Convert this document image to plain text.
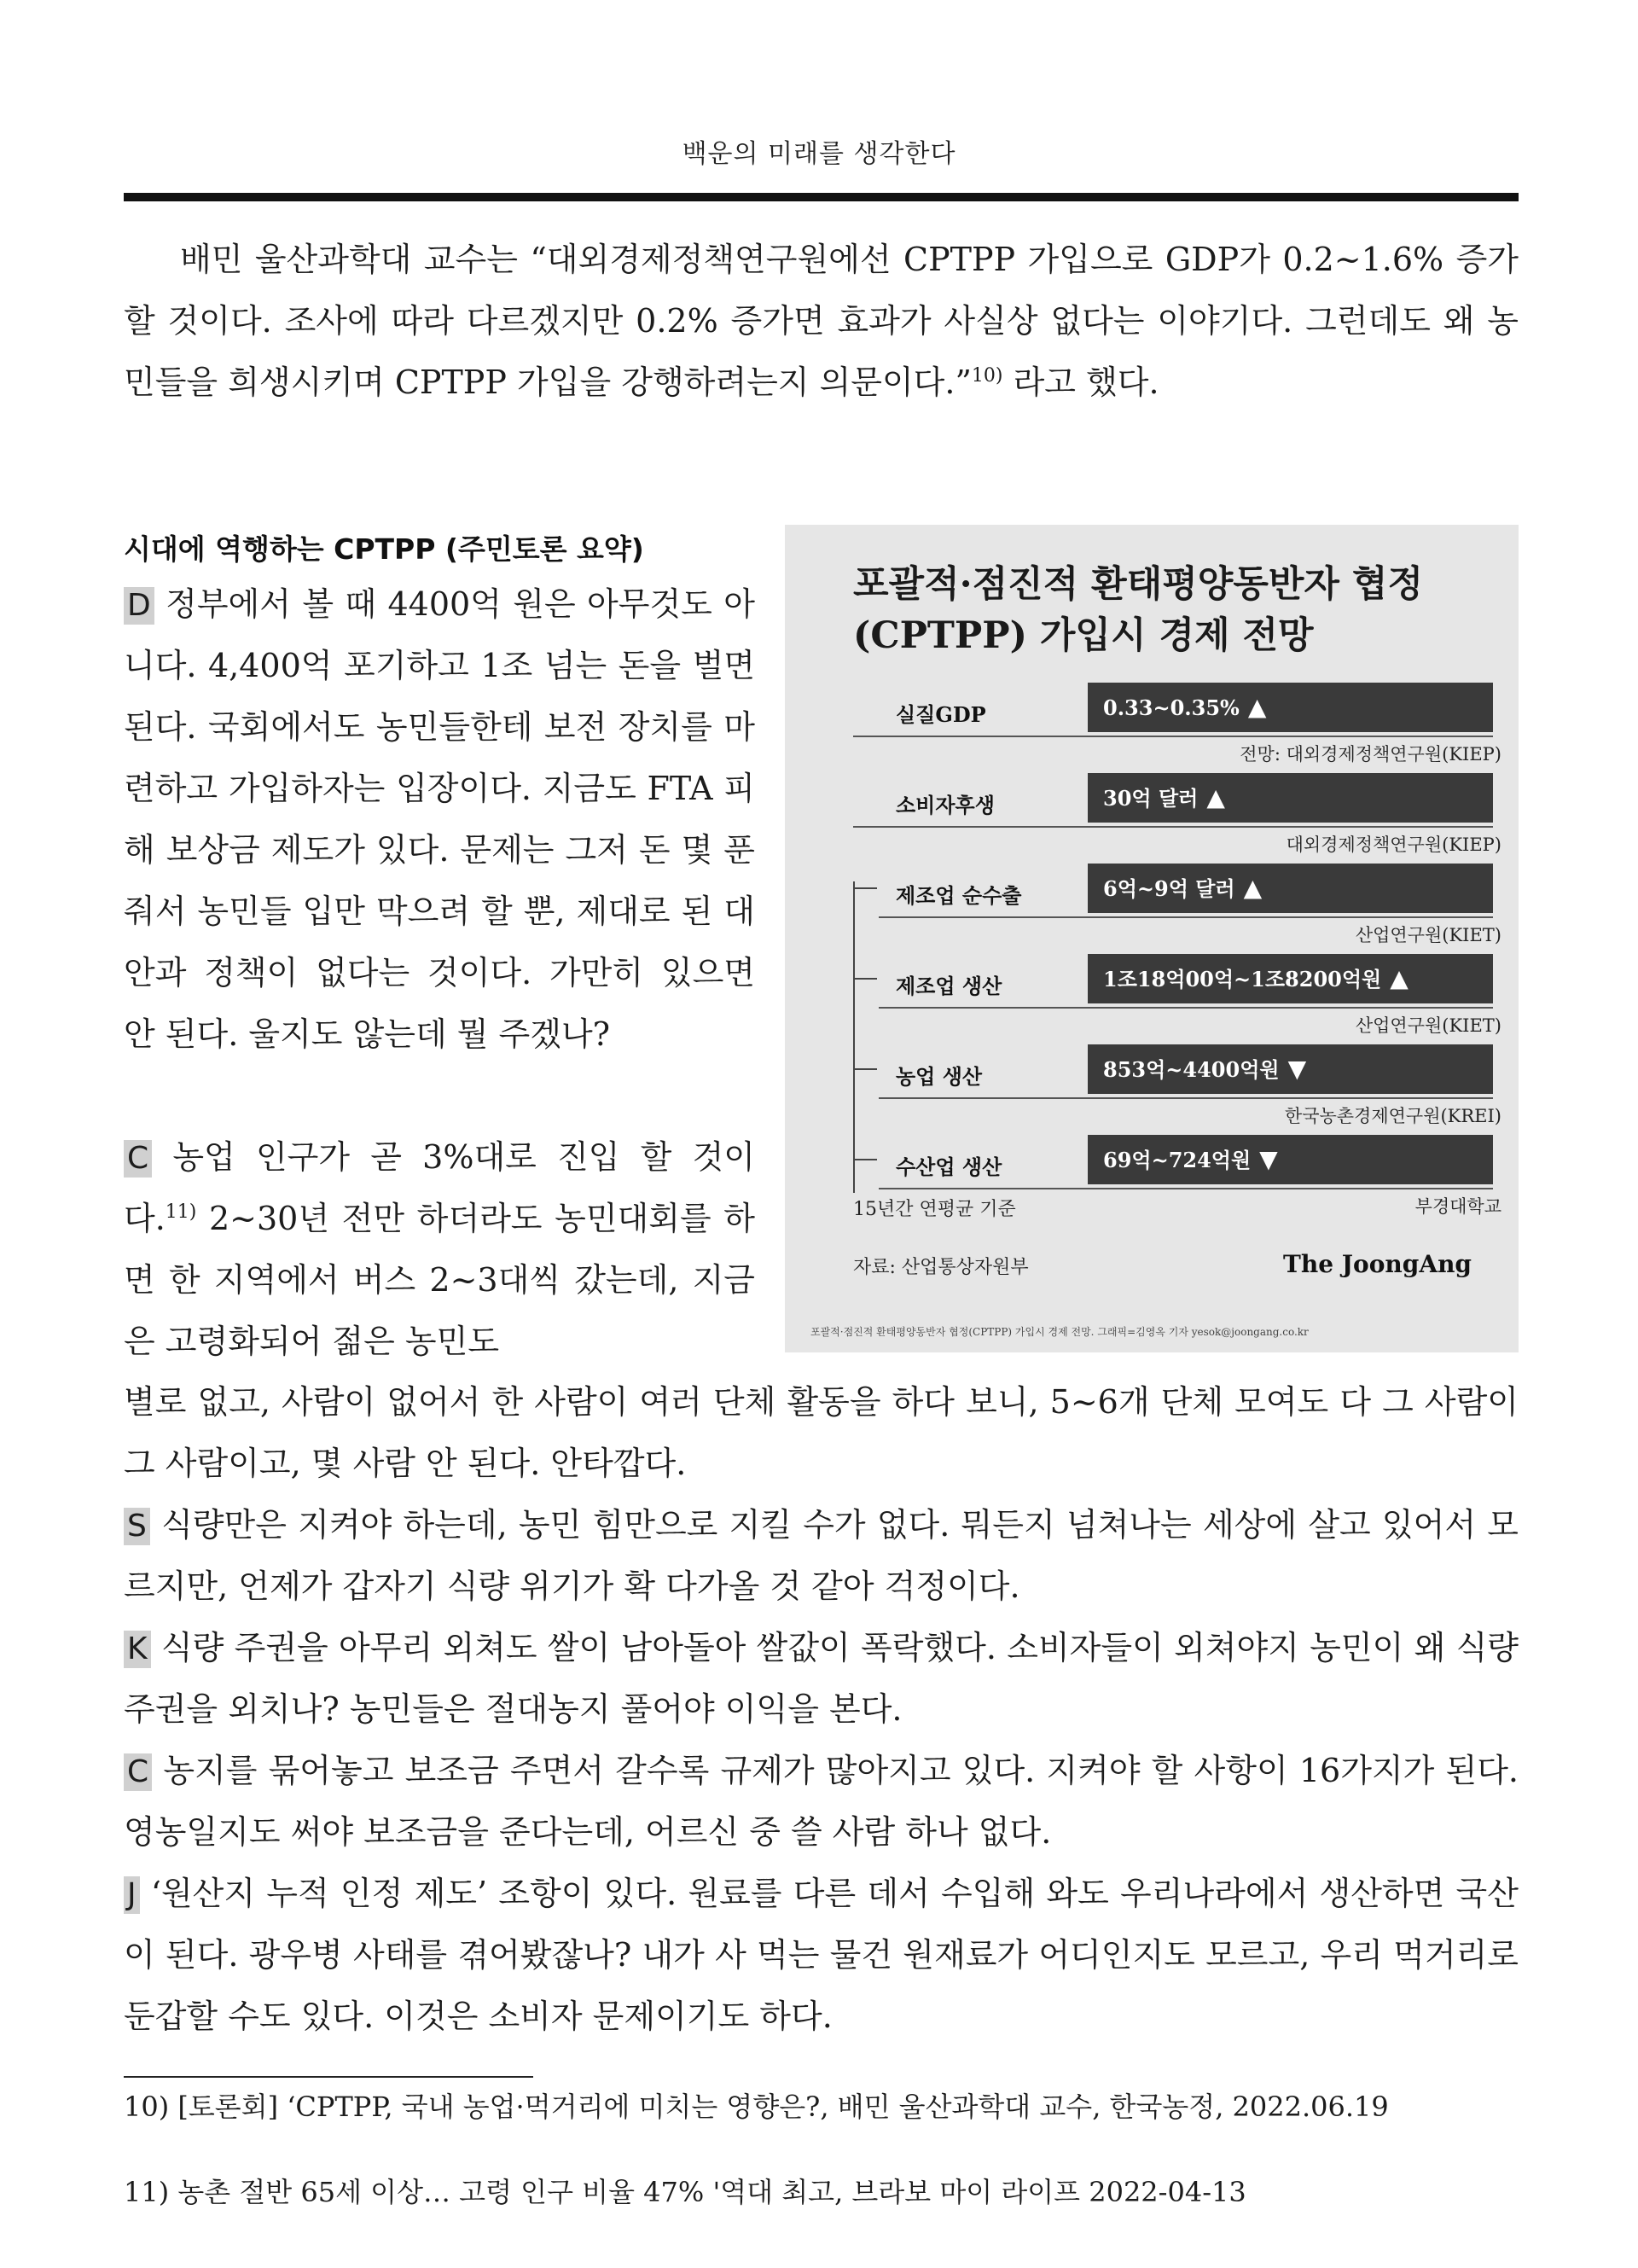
백운의 미래를 생각한다
배민 울산과학대 교수는 “대외경제정책연구원에선 CPTPP 가입으로 GDP가 0.2~1.6% 증가할 것이다. 조사에 따라 다르겠지만 0.2% 증가면 효과가 사실상 없다는 이야기다. 그런데도 왜 농민들을 희생시키며 CPTPP 가입을 강행하려는지 의문이다.”$^{10)}$ 라고 했다.
시대에 역행하는 CPTPP (주민토론 요약)
D 정부에서 볼 때 4400억 원은 아무것도 아니다. 4,400억 포기하고 1조 넘는 돈을 벌면 된다. 국회에서도 농민들한테 보전 장치를 마련하고 가입하자는 입장이다. 지금도 FTA 피해 보상금 제도가 있다. 문제는 그저 돈 몇 푼 줘서 농민들 입만 막으려 할 뿐, 제대로 된 대안과 정책이 없다는 것이다. 가만히 있으면 안 된다. 울지도 않는데 뭘 주겠나?
C 농업 인구가 곧 3%대로 진입 할 것이다.$^{11)}$ 2~30년 전만 하더라도 농민대회를 하면 한 지역에서 버스 2~3대씩 갔는데, 지금은 고령화되어 젊은 농민도
별로 없고, 사람이 없어서 한 사람이 여러 단체 활동을 하다 보니, 5~6개 단체 모여도 다 그 사람이 그 사람이고, 몇 사람 안 된다. 안타깝다.
S 식량만은 지켜야 하는데, 농민 힘만으로 지킬 수가 없다. 뭐든지 넘쳐나는 세상에 살고 있어서 모르지만, 언제가 갑자기 식량 위기가 확 다가올 것 같아 걱정이다.
K 식량 주권을 아무리 외쳐도 쌀이 남아돌아 쌀값이 폭락했다. 소비자들이 외쳐야지 농민이 왜 식량 주권을 외치나? 농민들은 절대농지 풀어야 이익을 본다.
C 농지를 묶어놓고 보조금 주면서 갈수록 규제가 많아지고 있다. 지켜야 할 사항이 16가지가 된다. 영농일지도 써야 보조금을 준다는데, 어르신 중 쓸 사람 하나 없다.
J ‘원산지 누적 인정 제도’ 조항이 있다. 원료를 다른 데서 수입해 와도 우리나라에서 생산하면 국산이 된다. 광우병 사태를 겪어봤잖나? 내가 사 먹는 물건 원재료가 어디인지도 모르고, 우리 먹거리로 둔갑할 수도 있다. 이것은 소비자 문제이기도 하다.
포괄적·점진적 환태평양동반자 협정
(CPTPP) 가입시 경제 전망
실질GDP	0.33~0.35% ▲
전망: 대외경제정책연구원(KIEP)
소비자후생	30억 달러 ▲
대외경제정책연구원(KIEP)
제조업 순수출	6억~9억 달러 ▲
산업연구원(KIET)
제조업 생산	1조18억00억~1조8200억원 ▲
산업연구원(KIET)
농업 생산	853억~4400억원 ▼
한국농촌경제연구원(KREI)
수산업 생산	69억~724억원 ▼
부경대학교
15년간 연평균 기준
자료: 산업통상자원부	The JoongAng
포괄적·점진적 환태평양동반자 협정(CPTPP) 가입시 경제 전망. 그래픽=김영옥 기자 yesok@joongang.co.kr
10) [토론회] ‘CPTPP, 국내 농업·먹거리에 미치는 영향은?, 배민 울산과학대 교수, 한국농정, 2022.06.19
11) 농촌 절반 65세 이상… 고령 인구 비율 47% '역대 최고, 브라보 마이 라이프 2022-04-13
